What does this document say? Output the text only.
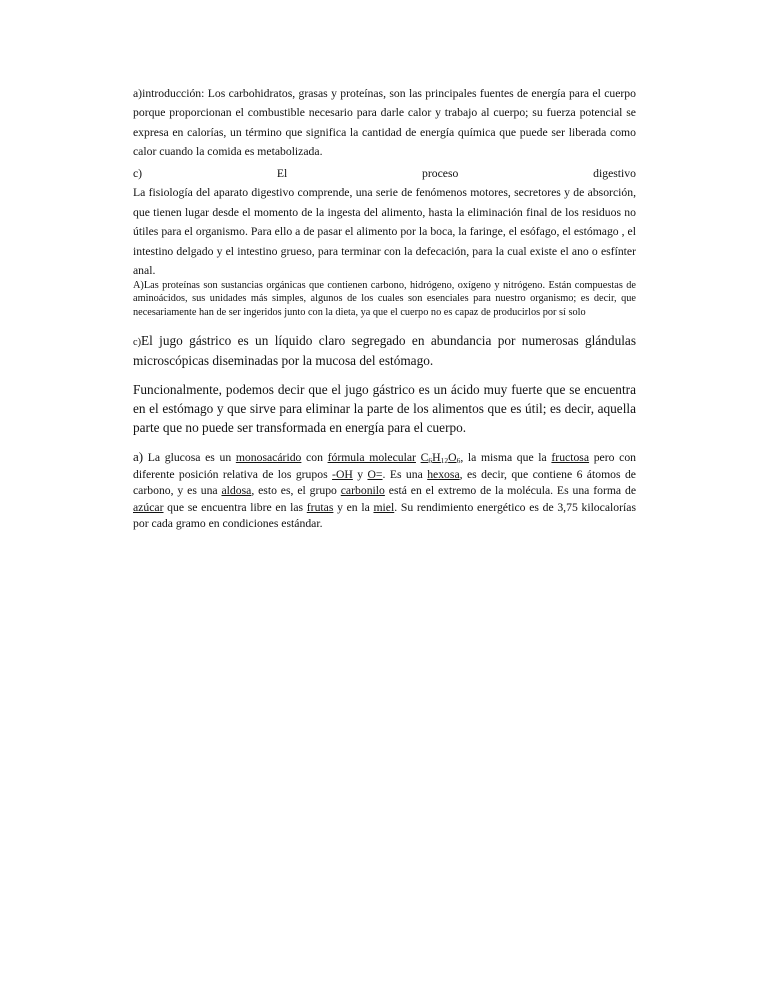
a)introducción: Los carbohidratos, grasas y proteínas, son las principales fuentes de energía para el cuerpo porque proporcionan el combustible necesario para darle calor y trabajo al cuerpo; su fuerza potencial se expresa en calorías, un término que significa la cantidad de energía química que puede ser liberada como calor cuando la comida es metabolizada.

c)	El	proceso	digestivo
La fisiología del aparato digestivo comprende, una serie de fenómenos motores, secretores y de absorción, que tienen lugar desde el momento de la ingesta del alimento, hasta la eliminación final de los residuos no útiles para el organismo. Para ello a de pasar el alimento por la boca, la faringe, el esófago, el estómago , el intestino delgado y el intestino grueso, para terminar con la defecación, para la cual existe el ano o esfínter anal.

A)Las proteínas son sustancias orgánicas que contienen carbono, hidrógeno, oxígeno y nitrógeno. Están compuestas de aminoácidos, sus unidades más simples, algunos de los cuales son esenciales para nuestro organismo; es decir, que necesariamente han de ser ingeridos junto con la dieta, ya que el cuerpo no es capaz de producirlos por sí solo

c)El jugo gástrico es un líquido claro segregado en abundancia por numerosas glándulas microscópicas diseminadas por la mucosa del estómago.

Funcionalmente, podemos decir que el jugo gástrico es un ácido muy fuerte que se encuentra en el estómago y que sirve para eliminar la parte de los alimentos que es útil; es decir, aquella parte que no puede ser transformada en energía para el cuerpo.

a) La glucosa es un monosacárido con fórmula molecular $C_6H_{12}O_6$, la misma que la fructosa pero con diferente posición relativa de los grupos -OH y O=. Es una hexosa, es decir, que contiene 6 átomos de carbono, y es una aldosa, esto es, el grupo carbonilo está en el extremo de la molécula. Es una forma de azúcar que se encuentra libre en las frutas y en la miel. Su rendimiento energético es de 3,75 kilocalorías por cada gramo en condiciones estándar.
